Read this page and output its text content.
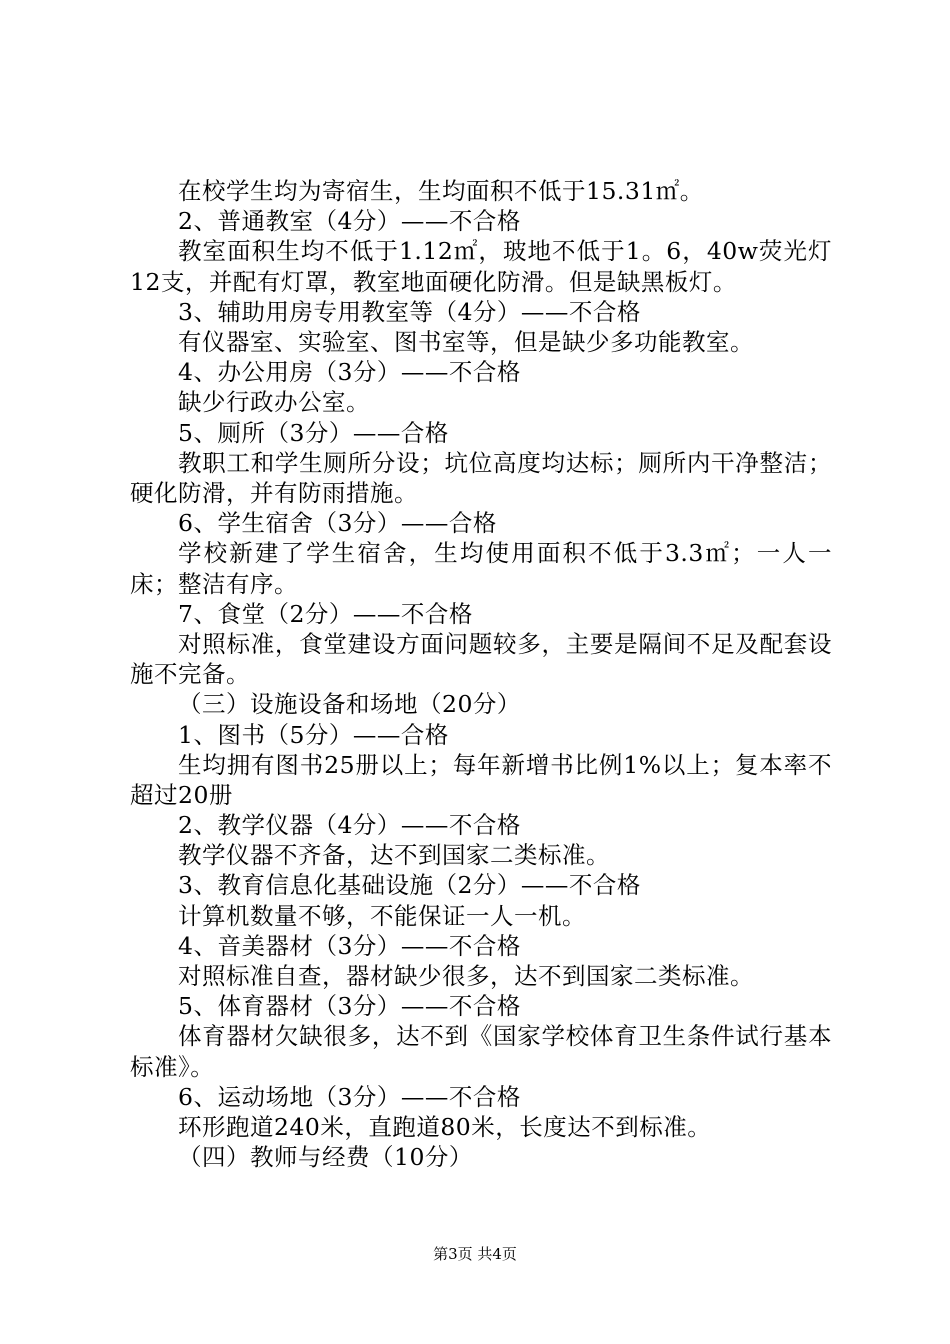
在校学生均为寄宿生，生均面积不低于15.31㎡。
2、普通教室（4分）——不合格
教室面积生均不低于1.12㎡，玻地不低于1。6，40w荧光灯12支，并配有灯罩，教室地面硬化防滑。但是缺黑板灯。
3、辅助用房专用教室等（4分）——不合格
有仪器室、实验室、图书室等，但是缺少多功能教室。
4、办公用房（3分）——不合格
缺少行政办公室。
5、厕所（3分）——合格
教职工和学生厕所分设；坑位高度均达标；厕所内干净整洁；硬化防滑，并有防雨措施。
6、学生宿舍（3分）——合格
学校新建了学生宿舍，生均使用面积不低于3.3㎡；一人一床；整洁有序。
7、食堂（2分）——不合格
对照标准，食堂建设方面问题较多，主要是隔间不足及配套设施不完备。
（三）设施设备和场地（20分）
1、图书（5分）——合格
生均拥有图书25册以上；每年新增书比例1%以上；复本率不超过20册
2、教学仪器（4分）——不合格
教学仪器不齐备，达不到国家二类标准。
3、教育信息化基础设施（2分）——不合格
计算机数量不够，不能保证一人一机。
4、音美器材（3分）——不合格
对照标准自查，器材缺少很多，达不到国家二类标准。
5、体育器材（3分）——不合格
体育器材欠缺很多，达不到《国家学校体育卫生条件试行基本标准》。
6、运动场地（3分）——不合格
环形跑道240米，直跑道80米，长度达不到标准。
（四）教师与经费（10分）
第3页 共4页
